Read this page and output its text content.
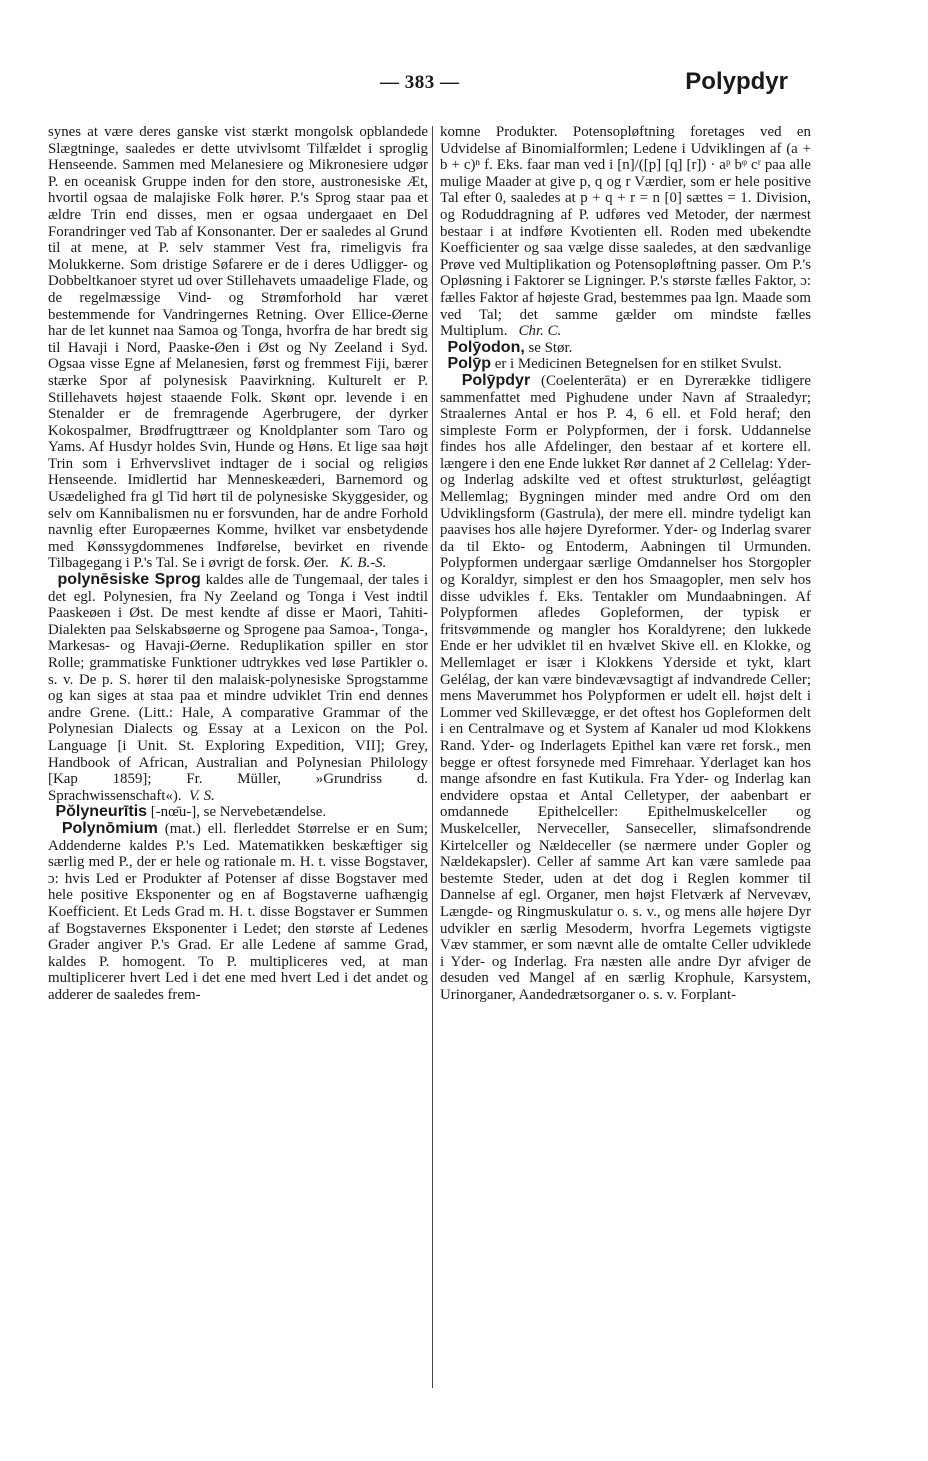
— 383 —	Polypdyr

synes at være deres ganske vist stærkt mongolsk opblandede Slægtninge, saaledes er dette utvivlsomt Tilfældet i sproglig Henseende. Sammen med Melanesiere og Mikronesiere udgør P. en oceanisk Gruppe inden for den store, austronesiske Æt, hvortil ogsaa de malajiske Folk hører. P.'s Sprog staar paa et ældre Trin end disses, men er ogsaa undergaaet en Del Forandringer ved Tab af Konsonanter. Der er saaledes al Grund til at mene, at P. selv stammer Vest fra, rimeligvis fra Molukkerne. Som dristige Søfarere er de i deres Udligger- og Dobbeltkanoer styret ud over Stillehavets umaadelige Flade, og de regelmæssige Vind- og Strømforhold har været bestemmende for Vandringernes Retning. Over Ellice-Øerne har de let kunnet naa Samoa og Tonga, hvorfra de har bredt sig til Havaji i Nord, Paaske-Øen i Øst og Ny Zeeland i Syd. Ogsaa visse Egne af Melanesien, først og fremmest Fiji, bærer stærke Spor af polynesisk Paavirkning. Kulturelt er P. Stillehavets højest staaende Folk. Skønt opr. levende i en Stenalder er de fremragende Agerbrugere, der dyrker Kokospalmer, Brødfrugttræer og Knoldplanter som Taro og Yams. Af Husdyr holdes Svin, Hunde og Høns. Et lige saa højt Trin som i Erhvervslivet indtager de i social og religiøs Henseende. Imidlertid har Menneskeæderi, Barnemord og Usædelighed fra gl Tid hørt til de polynesiske Skyggesider, og selv om Kannibalismen nu er forsvunden, har de andre Forhold navnlig efter Europæernes Komme, hvilket var ensbetydende med Kønssygdommenes Indførelse, bevirket en rivende Tilbagegang i P.'s Tal. Se i øvrigt de forsk. Øer. K. B.-S.

polynēsiske Sprog kaldes alle de Tungemaal, der tales i det egl. Polynesien, fra Ny Zeeland og Tonga i Vest indtil Paaskeøen i Øst. De mest kendte af disse er Maori, Tahiti-Dialekten paa Selskabsøerne og Sprogene paa Samoa-, Tonga-, Markesas- og Havaji-Øerne. Reduplikation spiller en stor Rolle; grammatiske Funktioner udtrykkes ved løse Partikler o. s. v. De p. S. hører til den malaisk-polynesiske Sprogstamme og kan siges at staa paa et mindre udviklet Trin end dennes andre Grene. (Litt.: Hale, A comparative Grammar of the Polynesian Dialects og Essay at a Lexicon on the Pol. Language [i Unit. St. Exploring Expedition, VII]; Grey, Handbook of African, Australian and Polynesian Philology [Kap 1859]; Fr. Müller, »Grundriss d. Sprachwissenschaft«). V. S.

Pŏlyneurītis [-nœ̄u-], se Nervebetændelse.

Polynōmium (mat.) ell. flerleddet Størrelse er en Sum; Addenderne kaldes P.'s Led. Matematikken beskæftiger sig særlig med P., der er hele og rationale m. H. t. visse Bogstaver, ɔ: hvis Led er Produkter af Potenser af disse Bogstaver med hele positive Eksponenter og en af Bogstaverne uafhængig Koefficient. Et Leds Grad m. H. t. disse Bogstaver er Summen af Bogstavernes Eksponenter i Ledet; den største af Ledenes Grader angiver P.'s Grad. Er alle Ledene af samme Grad, kaldes P. homogent. To P. multipliceres ved, at man multiplicerer hvert Led i det ene med hvert Led i det andet og adderer de saaledes frem-

komne Produkter. Potensopløftning foretages ved en Udvidelse af Binomialformlen; Ledene i Udviklingen af (a + b + c)ⁿ f. Eks. faar man ved i [n]/([p] [q] [r]) · aᵖ bᵠ cʳ paa alle mulige Maader at give p, q og r Værdier, som er hele positive Tal efter 0, saaledes at p + q + r = n [0] sættes = 1. Division, og Roduddragning af P. udføres ved Metoder, der nærmest bestaar i at indføre Kvotienten ell. Roden med ubekendte Koefficienter og saa vælge disse saaledes, at den sædvanlige Prøve ved Multiplikation og Potensopløftning passer. Om P.'s Opløsning i Faktorer se Ligninger. P.'s største fælles Faktor, ɔ: fælles Faktor af højeste Grad, bestemmes paa lgn. Maade som ved Tal; det samme gælder om mindste fælles Multiplum. Chr. C.

Polȳodon, se Stør.

Polȳp er i Medicinen Betegnelsen for en stilket Svulst.

Polȳpdyr (Coelenterāta) er en Dyrerække tidligere sammenfattet med Pighudene under Navn af Straaledyr; Straalernes Antal er hos P. 4, 6 ell. et Fold heraf; den simpleste Form er Polypformen, der i forsk. Uddannelse findes hos alle Afdelinger, den bestaar af et kortere ell. længere i den ene Ende lukket Rør dannet af 2 Cellelag: Yder- og Inderlag adskilte ved et oftest strukturløst, geléagtigt Mellemlag; Bygningen minder med andre Ord om den Udviklingsform (Gastrula), der mere ell. mindre tydeligt kan paavises hos alle højere Dyreformer. Yder- og Inderlag svarer da til Ekto- og Entoderm, Aabningen til Urmunden. Polypformen undergaar særlige Omdannelser hos Storgopler og Koraldyr, simplest er den hos Smaagopler, men selv hos disse udvikles f. Eks. Tentakler om Mundaabningen. Af Polypformen afledes Gopleformen, der typisk er fritsvømmende og mangler hos Koraldyrene; den lukkede Ende er her udviklet til en hvælvet Skive ell. en Klokke, og Mellemlaget er især i Klokkens Yderside et tykt, klart Gelélag, der kan være bindevævsagtigt af indvandrede Celler; mens Maverummet hos Polypformen er udelt ell. højst delt i Lommer ved Skillevægge, er det oftest hos Gopleformen delt i en Centralmave og et System af Kanaler ud mod Klokkens Rand. Yder- og Inderlagets Epithel kan være ret forsk., men begge er oftest forsynede med Fimrehaar. Yderlaget kan hos mange afsondre en fast Kutikula. Fra Yder- og Inderlag kan endvidere opstaa et Antal Celletyper, der aabenbart er omdannede Epithelceller: Epithelmuskelceller og Muskelceller, Nerveceller, Sanseceller, slimafsondrende Kirtelceller og Nældeceller (se nærmere under Gopler og Nældekapsler). Celler af samme Art kan være samlede paa bestemte Steder, uden at det dog i Reglen kommer til Dannelse af egl. Organer, men højst Fletværk af Nervevæv, Længde- og Ringmuskulatur o. s. v., og mens alle højere Dyr udvikler en særlig Mesoderm, hvorfra Legemets vigtigste Væv stammer, er som nævnt alle de omtalte Celler udviklede i Yder- og Inderlag. Fra næsten alle andre Dyr afviger de desuden ved Mangel af en særlig Krophule, Karsystem, Urinorganer, Aandedrætsorganer o. s. v. Forplant-
